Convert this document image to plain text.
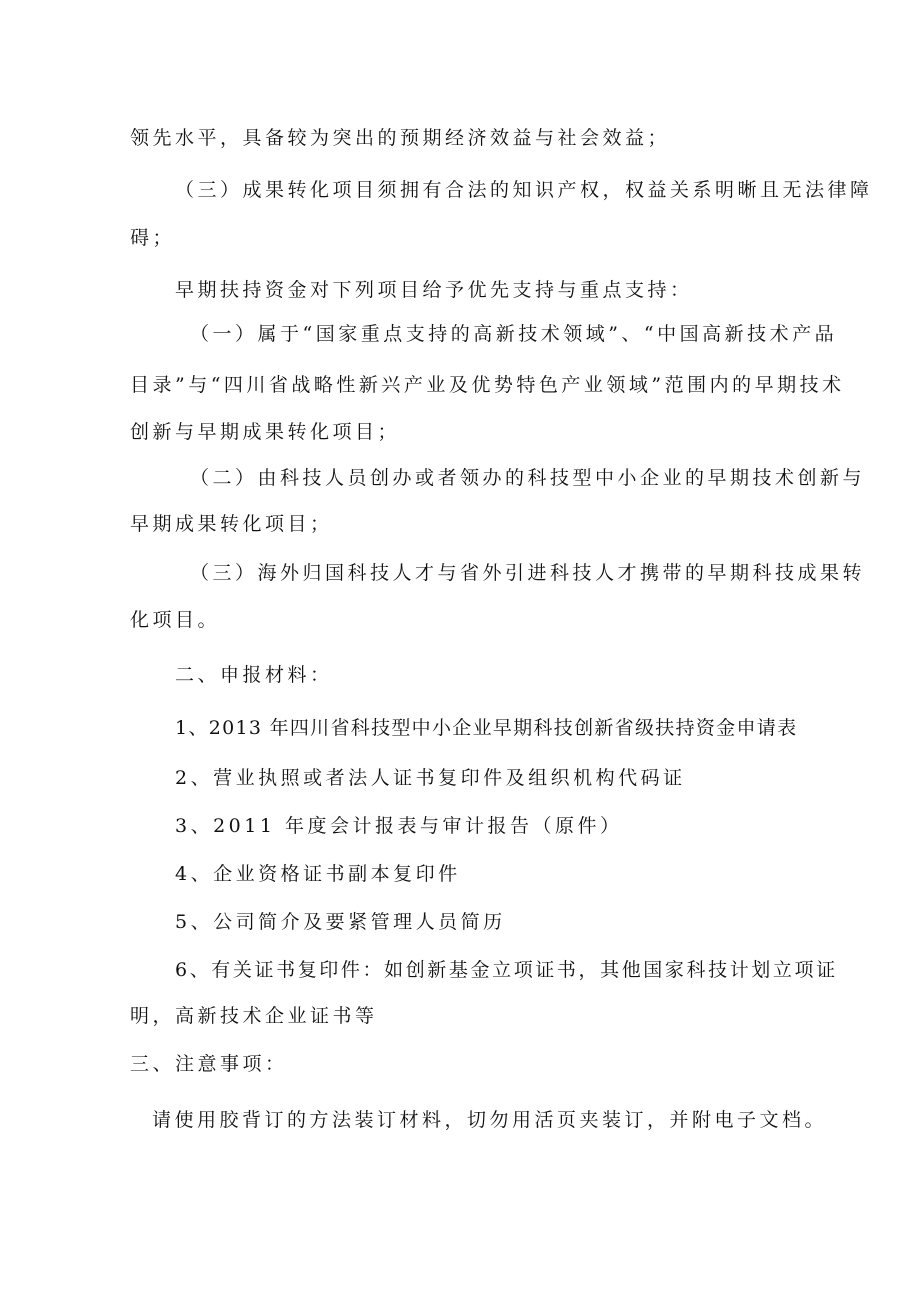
领先水平，具备较为突出的预期经济效益与社会效益；
（三）成果转化项目须拥有合法的知识产权，权益关系明晰且无法律障
碍；
早期扶持资金对下列项目给予优先支持与重点支持：
（一）属于“国家重点支持的高新技术领域”、“中国高新技术产品
目录”与“四川省战略性新兴产业及优势特色产业领域”范围内的早期技术
创新与早期成果转化项目；
（二）由科技人员创办或者领办的科技型中小企业的早期技术创新与
早期成果转化项目；
（三）海外归国科技人才与省外引进科技人才携带的早期科技成果转
化项目。
二、申报材料：
1、2013 年四川省科技型中小企业早期科技创新省级扶持资金申请表
2、营业执照或者法人证书复印件及组织机构代码证
3、2011 年度会计报表与审计报告（原件）
4、企业资格证书副本复印件
5、公司简介及要紧管理人员简历
6、有关证书复印件：如创新基金立项证书，其他国家科技计划立项证
明，高新技术企业证书等
三、注意事项：
请使用胶背订的方法装订材料，切勿用活页夹装订，并附电子文档。
